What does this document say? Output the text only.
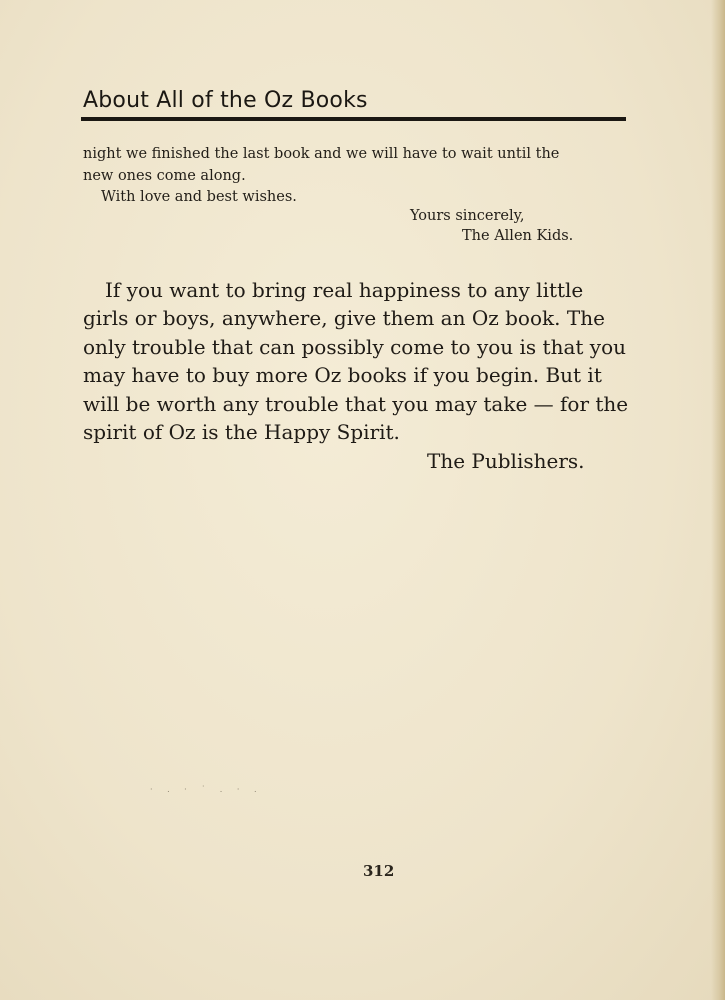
About All of the Oz Books
night we finished the last book and we will have to wait until the
new ones come along.
With love and best wishes.
Yours sincerely,
The Allen Kids.
If you want to bring real happiness to any little
girls or boys, anywhere, give them an Oz book. The
only trouble that can possibly come to you is that you
may have to buy more Oz books if you begin. But it
will be worth any trouble that you may take — for the
spirit of Oz is the Happy Spirit.
The Publishers.
· . · ˙ . · .
312
